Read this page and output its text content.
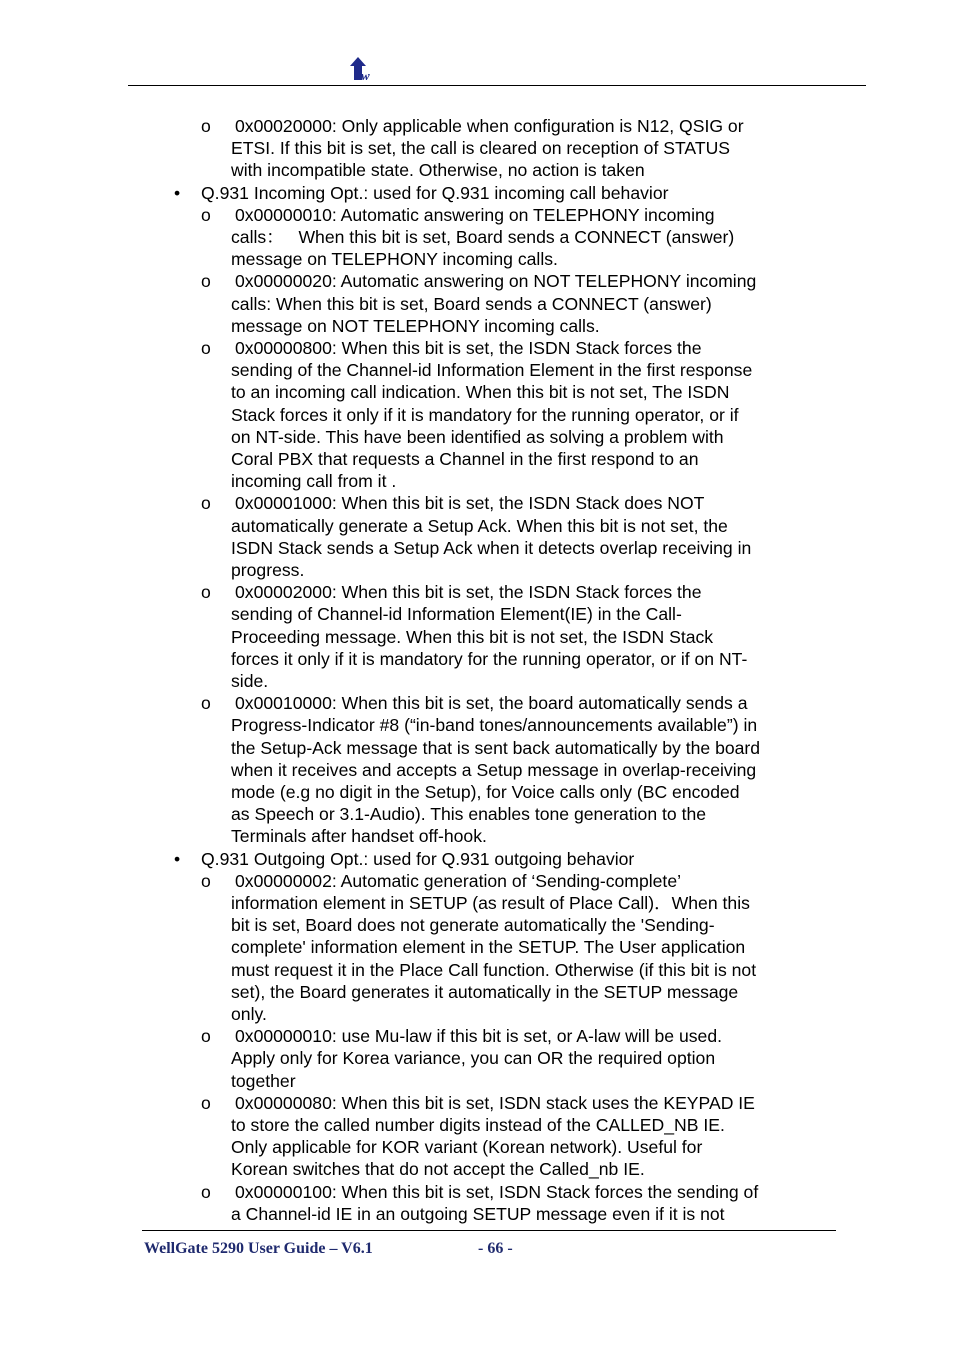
w
o 0x00020000: Only applicable when configuration is N12, QSIG or
ETSI. If this bit is set, the call is cleared on reception of STATUS
with incompatible state. Otherwise, no action is taken
• Q.931 Incoming Opt.: used for Q.931 incoming call behavior
o 0x00000010: Automatic answering on TELEPHONY incoming
calls：   When this bit is set, Board sends a CONNECT (answer)
message on TELEPHONY incoming calls.
o 0x00000020: Automatic answering on NOT TELEPHONY incoming
calls: When this bit is set, Board sends a CONNECT (answer)
message on NOT TELEPHONY incoming calls.
o 0x00000800: When this bit is set, the ISDN Stack forces the
sending of the Channel-id Information Element in the first response
to an incoming call indication. When this bit is not set, The ISDN
Stack forces it only if it is mandatory for the running operator, or if
on NT-side. This have been identified as solving a problem with
Coral PBX that requests a Channel in the first respond to an
incoming call from it .
o 0x00001000: When this bit is set, the ISDN Stack does NOT
automatically generate a Setup Ack. When this bit is not set, the
ISDN Stack sends a Setup Ack when it detects overlap receiving in
progress.
o 0x00002000: When this bit is set, the ISDN Stack forces the
sending of Channel-id Information Element(IE) in the Call-
Proceeding message. When this bit is not set, the ISDN Stack
forces it only if it is mandatory for the running operator, or if on NT-
side.
o 0x00010000: When this bit is set, the board automatically sends a
Progress-Indicator #8 (“in-band tones/announcements available”) in
the Setup-Ack message that is sent back automatically by the board
when it receives and accepts a Setup message in overlap-receiving
mode (e.g no digit in the Setup), for Voice calls only (BC encoded
as Speech or 3.1-Audio). This enables tone generation to the
Terminals after handset off-hook.
• Q.931 Outgoing Opt.: used for Q.931 outgoing behavior
o 0x00000002: Automatic generation of ‘Sending-complete’
information element in SETUP (as result of Place Call)．When this
bit is set, Board does not generate automatically the 'Sending-
complete' information element in the SETUP. The User application
must request it in the Place Call function. Otherwise (if this bit is not
set), the Board generates it automatically in the SETUP message
only.
o 0x00000010: use Mu-law if this bit is set, or A-law will be used.
Apply only for Korea variance, you can OR the required option
together
o 0x00000080: When this bit is set, ISDN stack uses the KEYPAD IE
to store the called number digits instead of the CALLED_NB IE.
Only applicable for KOR variant (Korean network). Useful for
Korean switches that do not accept the Called_nb IE.
o 0x00000100: When this bit is set, ISDN Stack forces the sending of
a Channel-id IE in an outgoing SETUP message even if it is not
WellGate 5290 User Guide – V6.1	- 66 -
